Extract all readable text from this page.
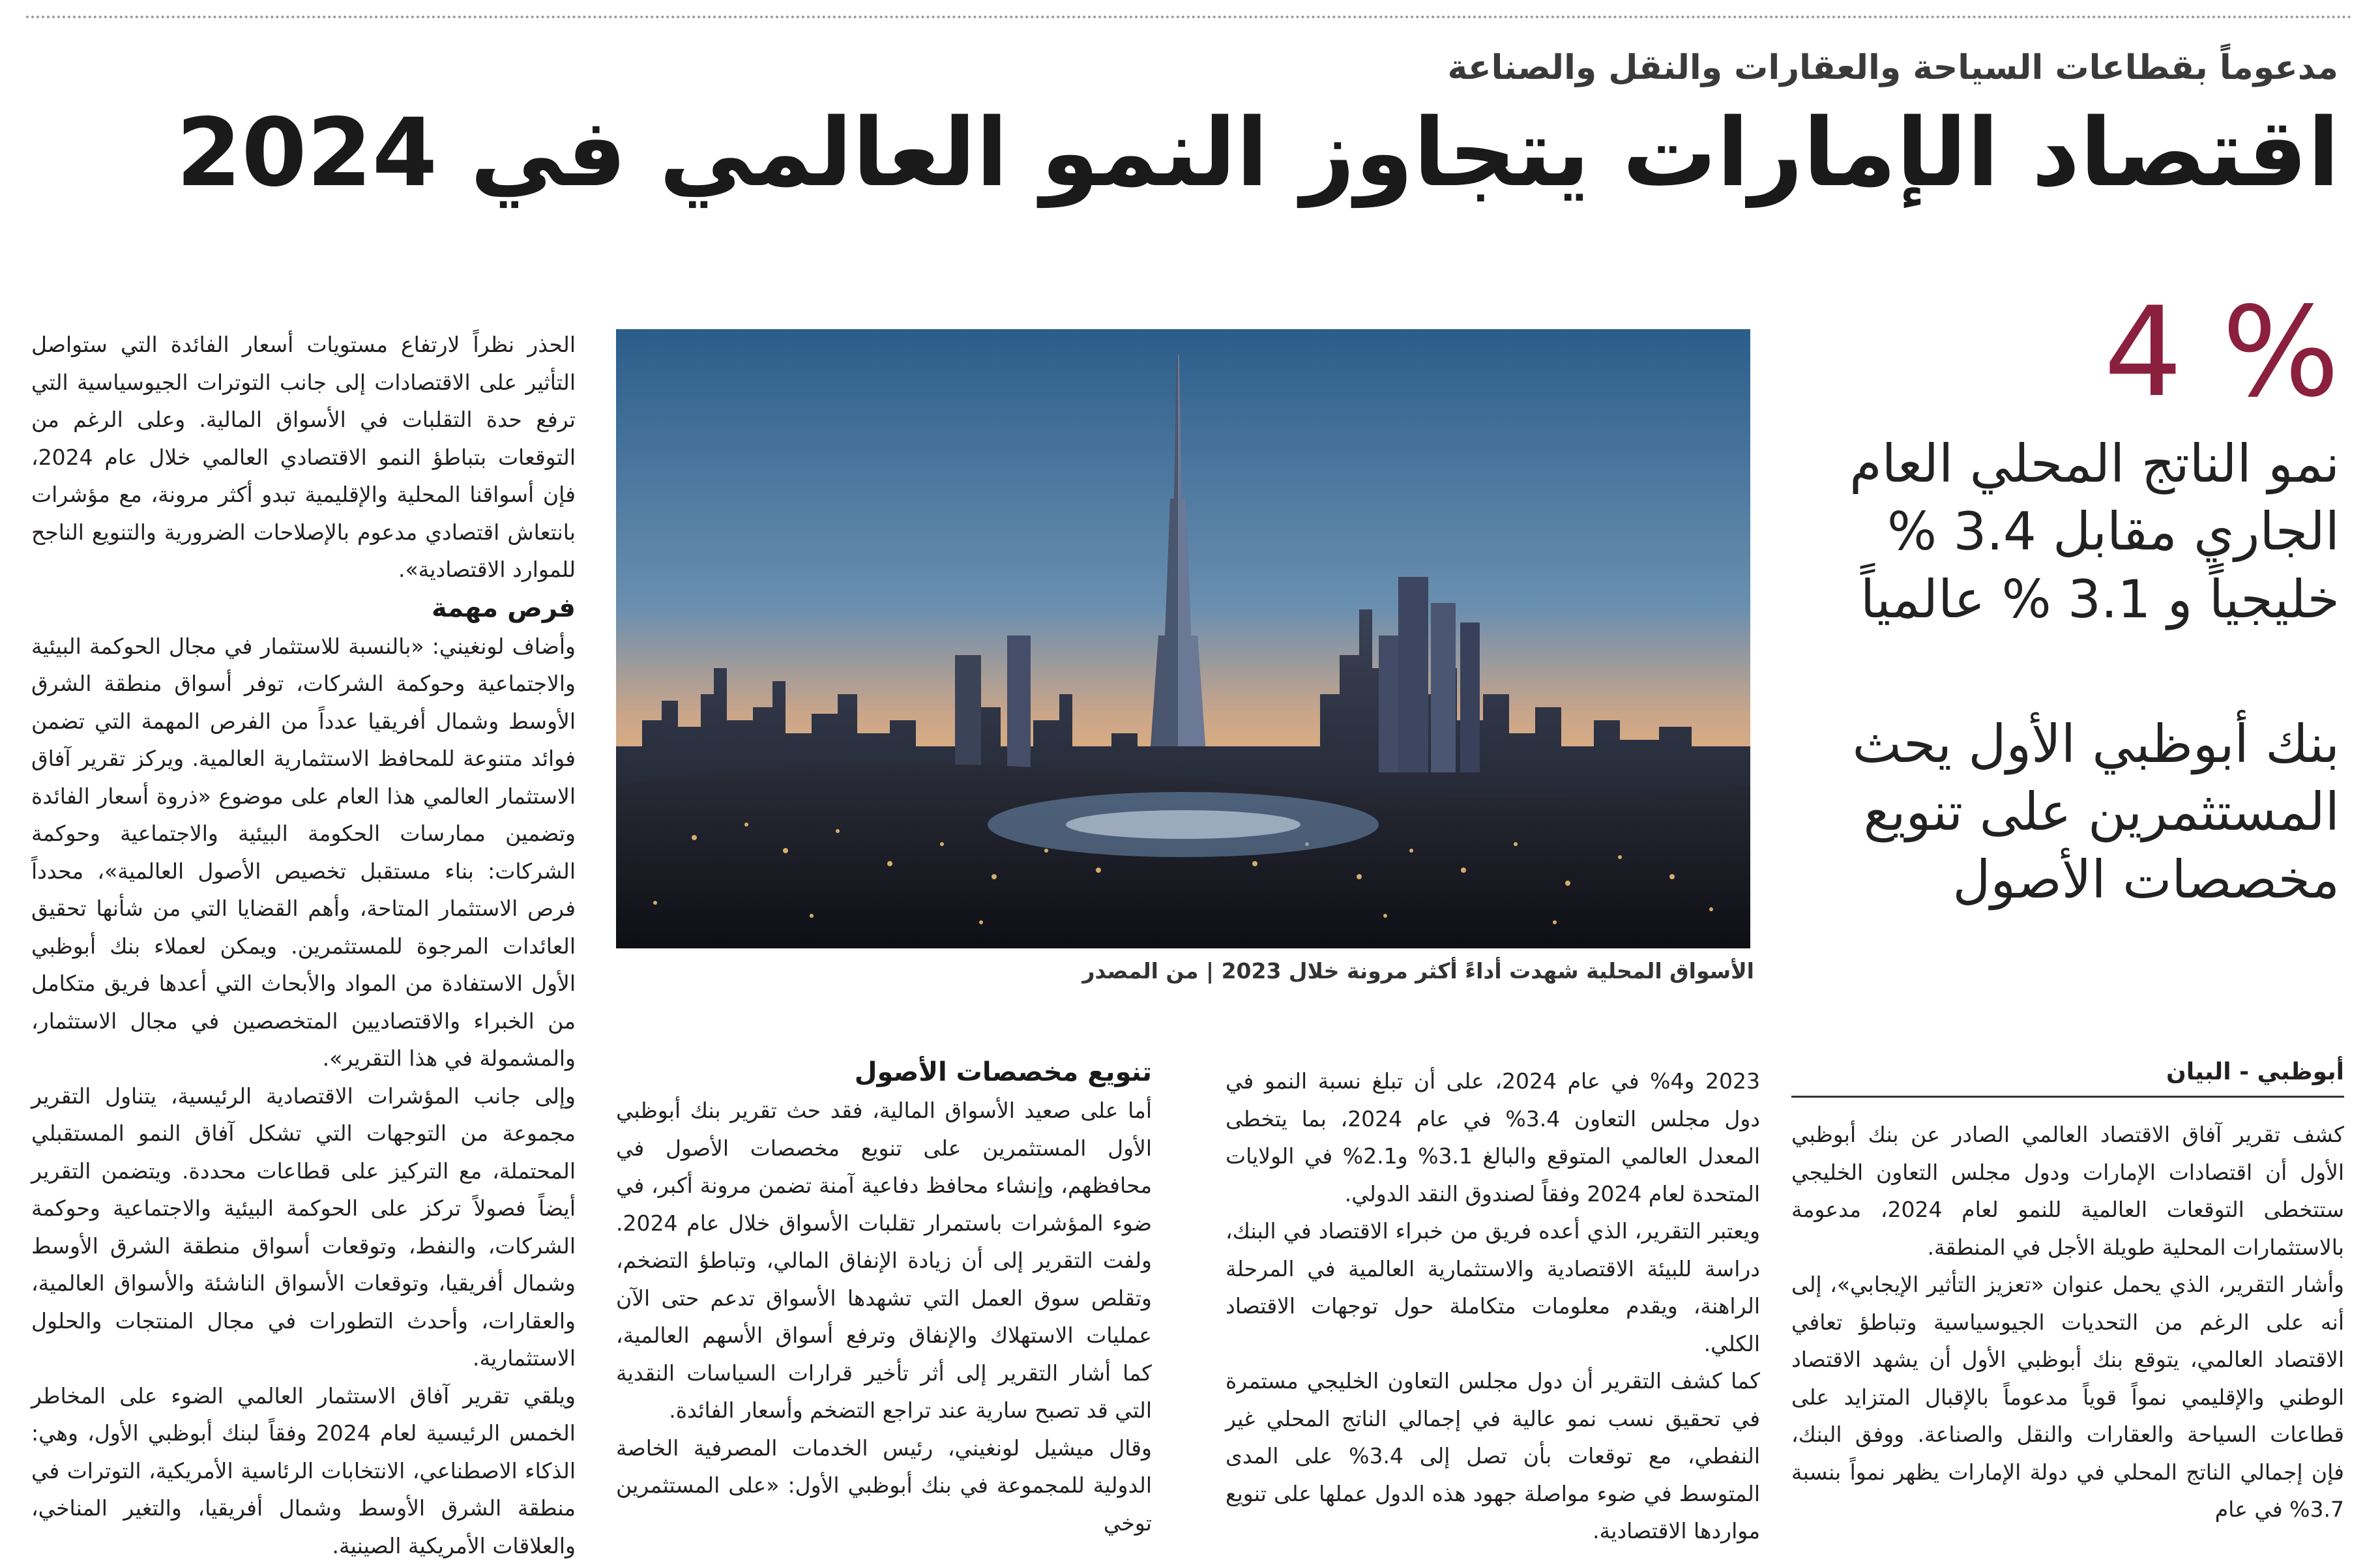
مدعوماً بقطاعات السياحة والعقارات والنقل والصناعة
اقتصاد الإمارات يتجاوز النمو العالمي في 2024
4 %
نمو الناتج المحلي العام الجاري مقابل 3.4 % خليجياً و 3.1 % عالمياً
بنك أبوظبي الأول يحث المستثمرين على تنويع مخصصات الأصول
الأسواق المحلية شهدت أداءً أكثر مرونة خلال 2023 | من المصدر
أبوظبي - البيان

كشف تقرير آفاق الاقتصاد العالمي الصادر عن بنك أبوظبي الأول أن اقتصادات الإمارات ودول مجلس التعاون الخليجي ستتخطى التوقعات العالمية للنمو لعام 2024، مدعومة بالاستثمارات المحلية طويلة الأجل في المنطقة.

وأشار التقرير، الذي يحمل عنوان «تعزيز التأثير الإيجابي»، إلى أنه على الرغم من التحديات الجيوسياسية وتباطؤ تعافي الاقتصاد العالمي، يتوقع بنك أبوظبي الأول أن يشهد الاقتصاد الوطني والإقليمي نمواً قوياً مدعوماً بالإقبال المتزايد على قطاعات السياحة والعقارات والنقل والصناعة. ووفق البنك، فإن إجمالي الناتج المحلي في دولة الإمارات يظهر نمواً بنسبة 3.7% في عام

2023 و4% في عام 2024، على أن تبلغ نسبة النمو في دول مجلس التعاون 3.4% في عام 2024، بما يتخطى المعدل العالمي المتوقع والبالغ 3.1% و2.1% في الولايات المتحدة لعام 2024 وفقاً لصندوق النقد الدولي.

ويعتبر التقرير، الذي أعده فريق من خبراء الاقتصاد في البنك، دراسة للبيئة الاقتصادية والاستثمارية العالمية في المرحلة الراهنة، ويقدم معلومات متكاملة حول توجهات الاقتصاد الكلي.

كما كشف التقرير أن دول مجلس التعاون الخليجي مستمرة في تحقيق نسب نمو عالية في إجمالي الناتج المحلي غير النفطي، مع توقعات بأن تصل إلى 3.4% على المدى المتوسط في ضوء مواصلة جهود هذه الدول عملها على تنويع مواردها الاقتصادية.

تنويع مخصصات الأصول

أما على صعيد الأسواق المالية، فقد حث تقرير بنك أبوظبي الأول المستثمرين على تنويع مخصصات الأصول في محافظهم، وإنشاء محافظ دفاعية آمنة تضمن مرونة أكبر، في ضوء المؤشرات باستمرار تقلبات الأسواق خلال عام 2024. ولفت التقرير إلى أن زيادة الإنفاق المالي، وتباطؤ التضخم، وتقلص سوق العمل التي تشهدها الأسواق تدعم حتى الآن عمليات الاستهلاك والإنفاق وترفع أسواق الأسهم العالمية، كما أشار التقرير إلى أثر تأخير قرارات السياسات النقدية التي قد تصبح سارية عند تراجع التضخم وأسعار الفائدة.

وقال ميشيل لونغيني، رئيس الخدمات المصرفية الخاصة الدولية للمجموعة في بنك أبوظبي الأول: «على المستثمرين توخي

الحذر نظراً لارتفاع مستويات أسعار الفائدة التي ستواصل التأثير على الاقتصادات إلى جانب التوترات الجيوسياسية التي ترفع حدة التقلبات في الأسواق المالية. وعلى الرغم من التوقعات بتباطؤ النمو الاقتصادي العالمي خلال عام 2024، فإن أسواقنا المحلية والإقليمية تبدو أكثر مرونة، مع مؤشرات بانتعاش اقتصادي مدعوم بالإصلاحات الضرورية والتنويع الناجح للموارد الاقتصادية».

فرص مهمة

وأضاف لونغيني: «بالنسبة للاستثمار في مجال الحوكمة البيئية والاجتماعية وحوكمة الشركات، توفر أسواق منطقة الشرق الأوسط وشمال أفريقيا عدداً من الفرص المهمة التي تضمن فوائد متنوعة للمحافظ الاستثمارية العالمية. ويركز تقرير آفاق الاستثمار العالمي هذا العام على موضوع «ذروة أسعار الفائدة وتضمين ممارسات الحكومة البيئية والاجتماعية وحوكمة الشركات: بناء مستقبل تخصيص الأصول العالمية»، محدداً فرص الاستثمار المتاحة، وأهم القضايا التي من شأنها تحقيق العائدات المرجوة للمستثمرين. ويمكن لعملاء بنك أبوظبي الأول الاستفادة من المواد والأبحاث التي أعدها فريق متكامل من الخبراء والاقتصاديين المتخصصين في مجال الاستثمار، والمشمولة في هذا التقرير».

وإلى جانب المؤشرات الاقتصادية الرئيسية، يتناول التقرير مجموعة من التوجهات التي تشكل آفاق النمو المستقبلي المحتملة، مع التركيز على قطاعات محددة. ويتضمن التقرير أيضاً فصولاً تركز على الحوكمة البيئية والاجتماعية وحوكمة الشركات، والنفط، وتوقعات أسواق منطقة الشرق الأوسط وشمال أفريقيا، وتوقعات الأسواق الناشئة والأسواق العالمية، والعقارات، وأحدث التطورات في مجال المنتجات والحلول الاستثمارية.

ويلقي تقرير آفاق الاستثمار العالمي الضوء على المخاطر الخمس الرئيسية لعام 2024 وفقاً لبنك أبوظبي الأول، وهي: الذكاء الاصطناعي، الانتخابات الرئاسية الأمريكية، التوترات في منطقة الشرق الأوسط وشمال أفريقيا، والتغير المناخي، والعلاقات الأمريكية الصينية.
